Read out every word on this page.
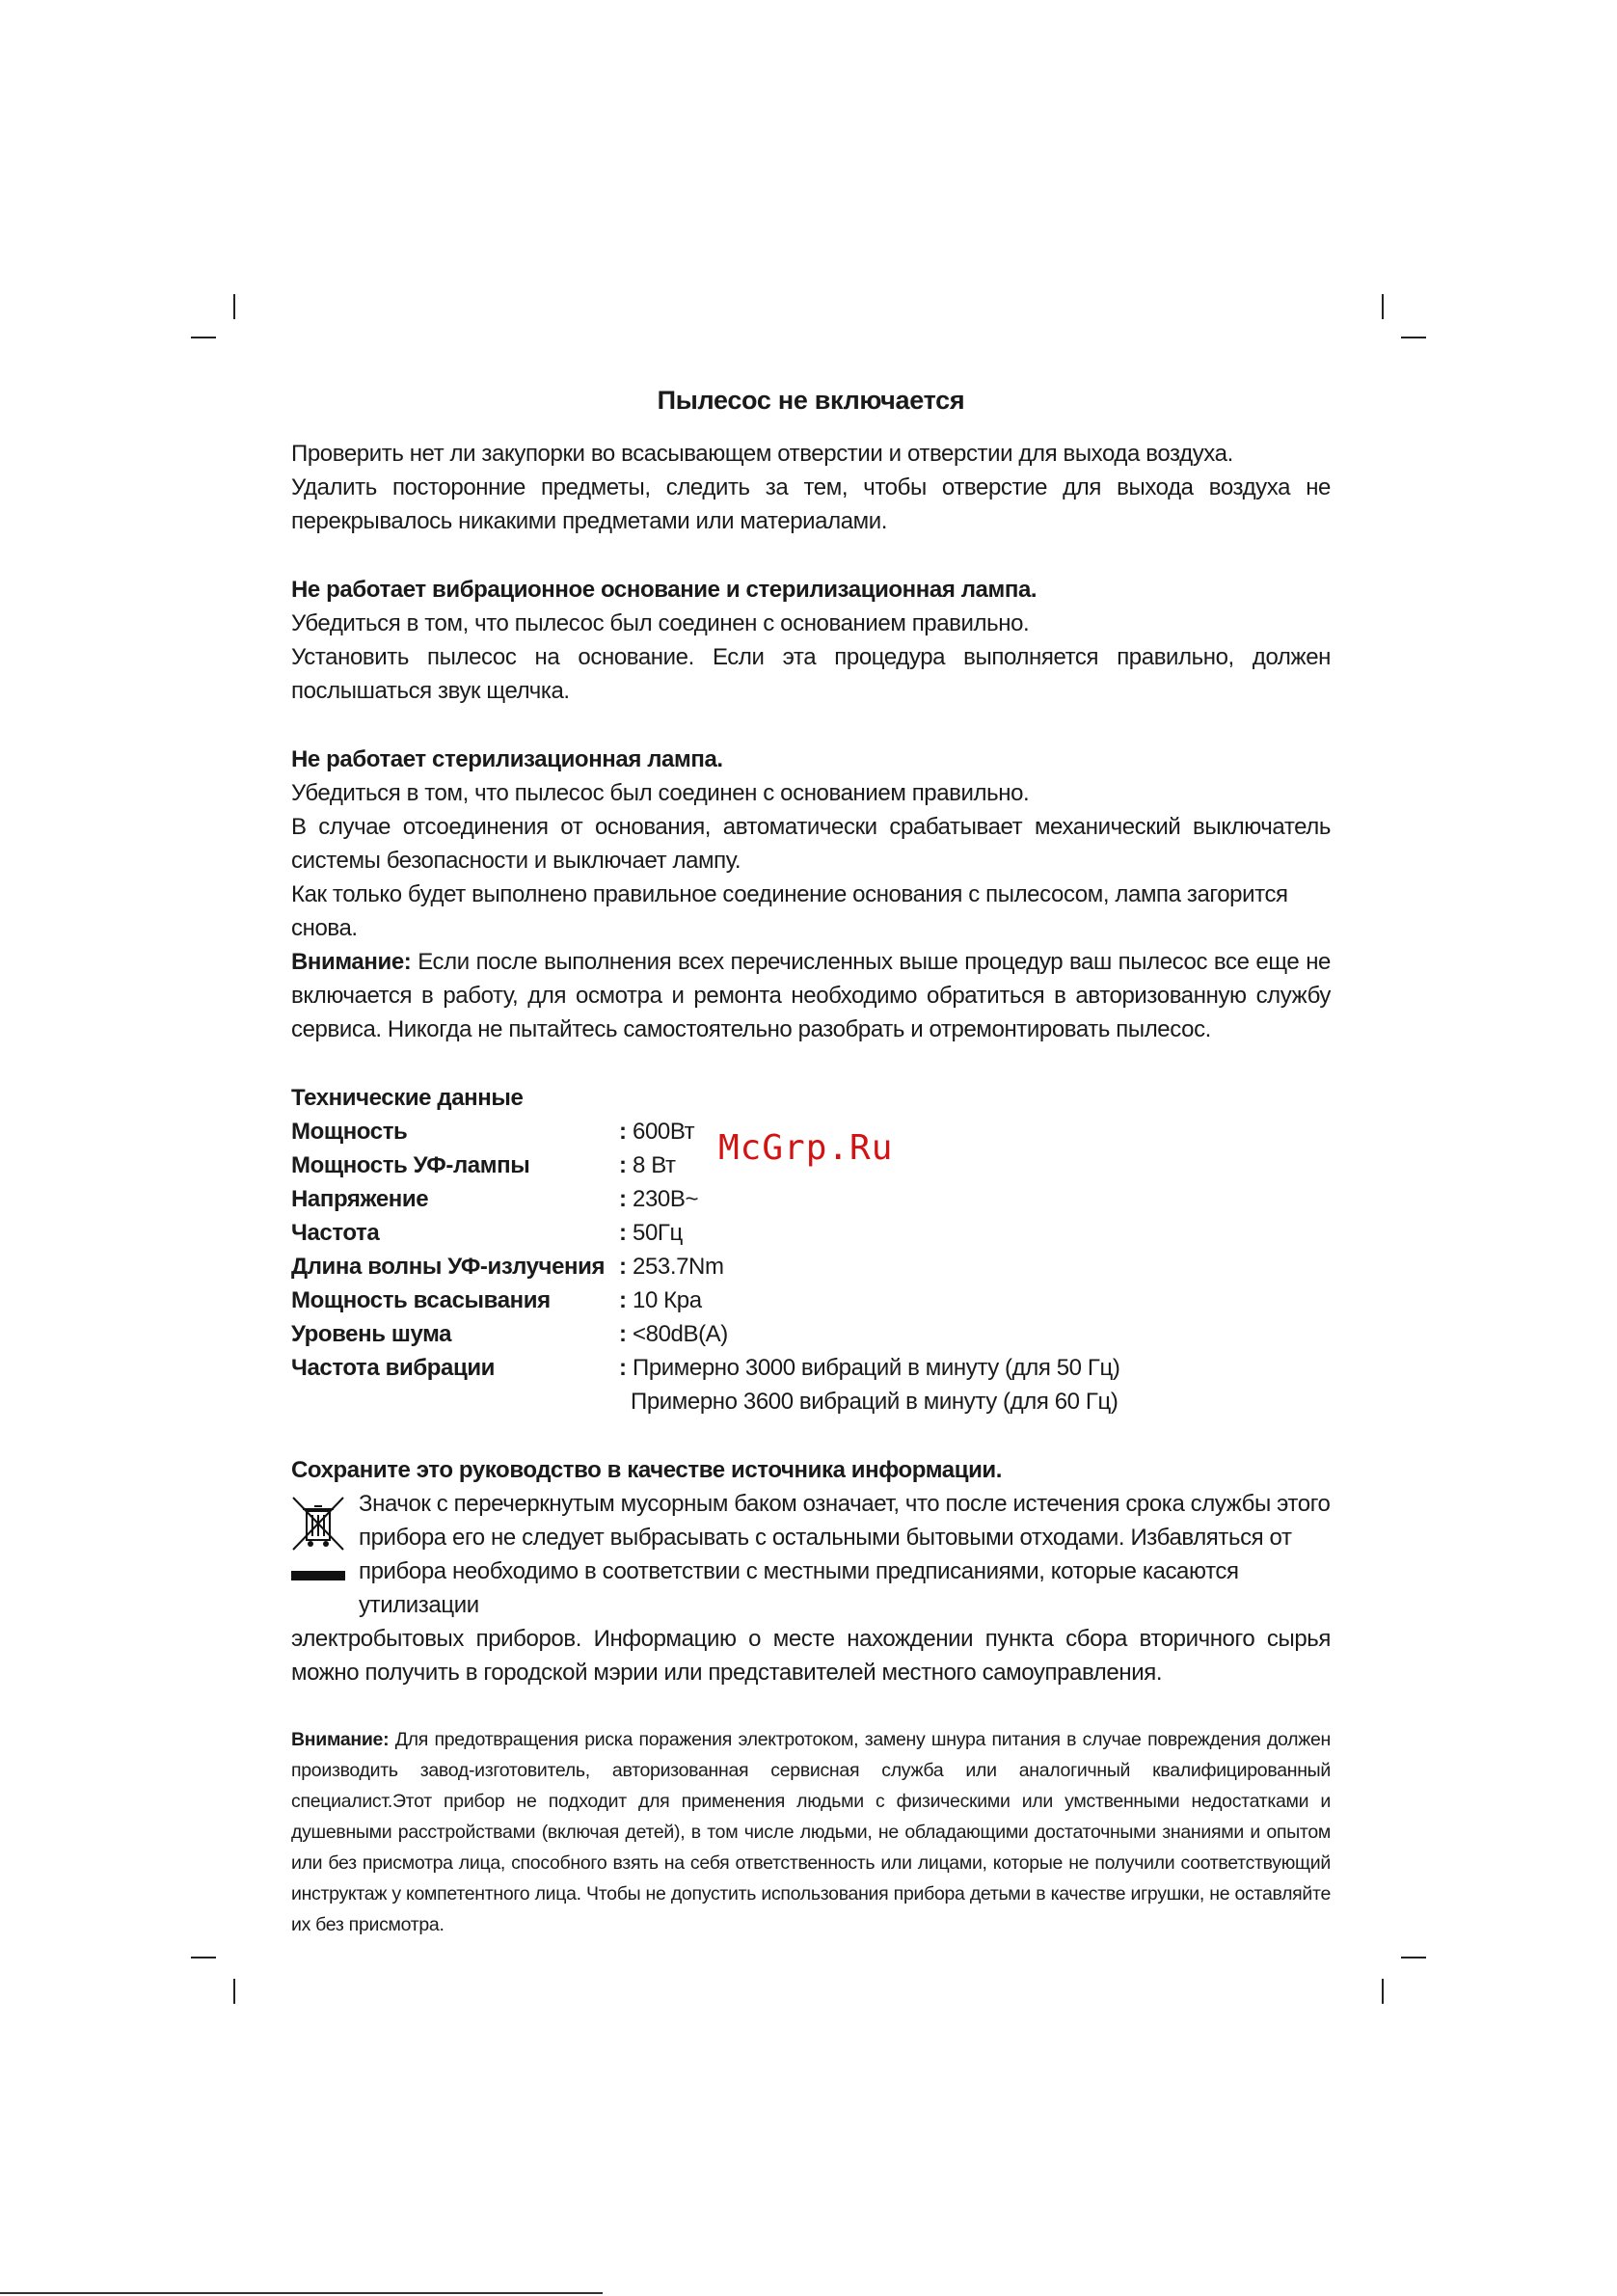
McGrp.Ru
Пылесос не включается

Проверить нет ли закупорки во всасывающем отверстии и отверстии для выхода воздуха.

Удалить посторонние предметы, следить за тем, чтобы отверстие для выхода воздуха не перекрывалось никакими предметами или материалами.

Не работает вибрационное основание и стерилизационная лампа.

Убедиться в том, что пылесос был соединен с основанием правильно.

Установить пылесос на основание. Если эта процедура выполняется правильно, должен послышаться звук щелчка.

Не работает стерилизационная лампа.

Убедиться в том, что пылесос был соединен с основанием правильно.

В случае отсоединения от основания, автоматически срабатывает механический выключатель системы безопасности и выключает лампу.

Как только будет выполнено правильное соединение основания с пылесосом, лампа загорится снова.

Внимание: Если после выполнения всех перечисленных выше процедур ваш пылесос все еще не включается в работу, для осмотра и ремонта необходимо обратиться в авторизованную службу сервиса. Никогда не пытайтесь самостоятельно разобрать и отремонтировать пылесос.

Технические данные
Мощность	: 600Вт
Мощность УФ-лампы	: 8 Вт
Напряжение	: 230В~
Частота	: 50Гц
Длина волны УФ-излучения : 253.7Nm
Мощность всасывания	: 10 Кра
Уровень шума	: <80dB(A)
Частота вибрации	: Примерно 3000 вибраций в минуту (для 50 Гц)
Примерно 3600 вибраций в минуту (для 60 Гц)
Сохраните это руководство в качестве источника информации.

Значок с перечеркнутым мусорным баком означает, что после истечения срока службы этого

прибора его не следует выбрасывать с остальными бытовыми отходами. Избавляться от

прибора необходимо в соответствии с местными предписаниями, которые касаются утилизации

электробытовых приборов. Информацию о месте нахождении пункта сбора вторичного сырья можно получить в городской мэрии или представителей местного самоуправления.

Внимание: Для предотвращения риска поражения электротоком, замену шнура питания в случае повреждения должен производить завод-изготовитель, авторизованная сервисная служба или аналогичный квалифицированный специалист.Этот прибор не подходит для применения людьми с физическими или умственными недостатками и душевными расстройствами (включая детей), в том числе людьми, не обладающими достаточными знаниями и опытом или без присмотра лица, способного взять на себя ответственность или лицами, которые не получили соответствующий инструктаж у компетентного лица. Чтобы не допустить использования прибора детьми в качестве игрушки, не оставляйте их без присмотра.
